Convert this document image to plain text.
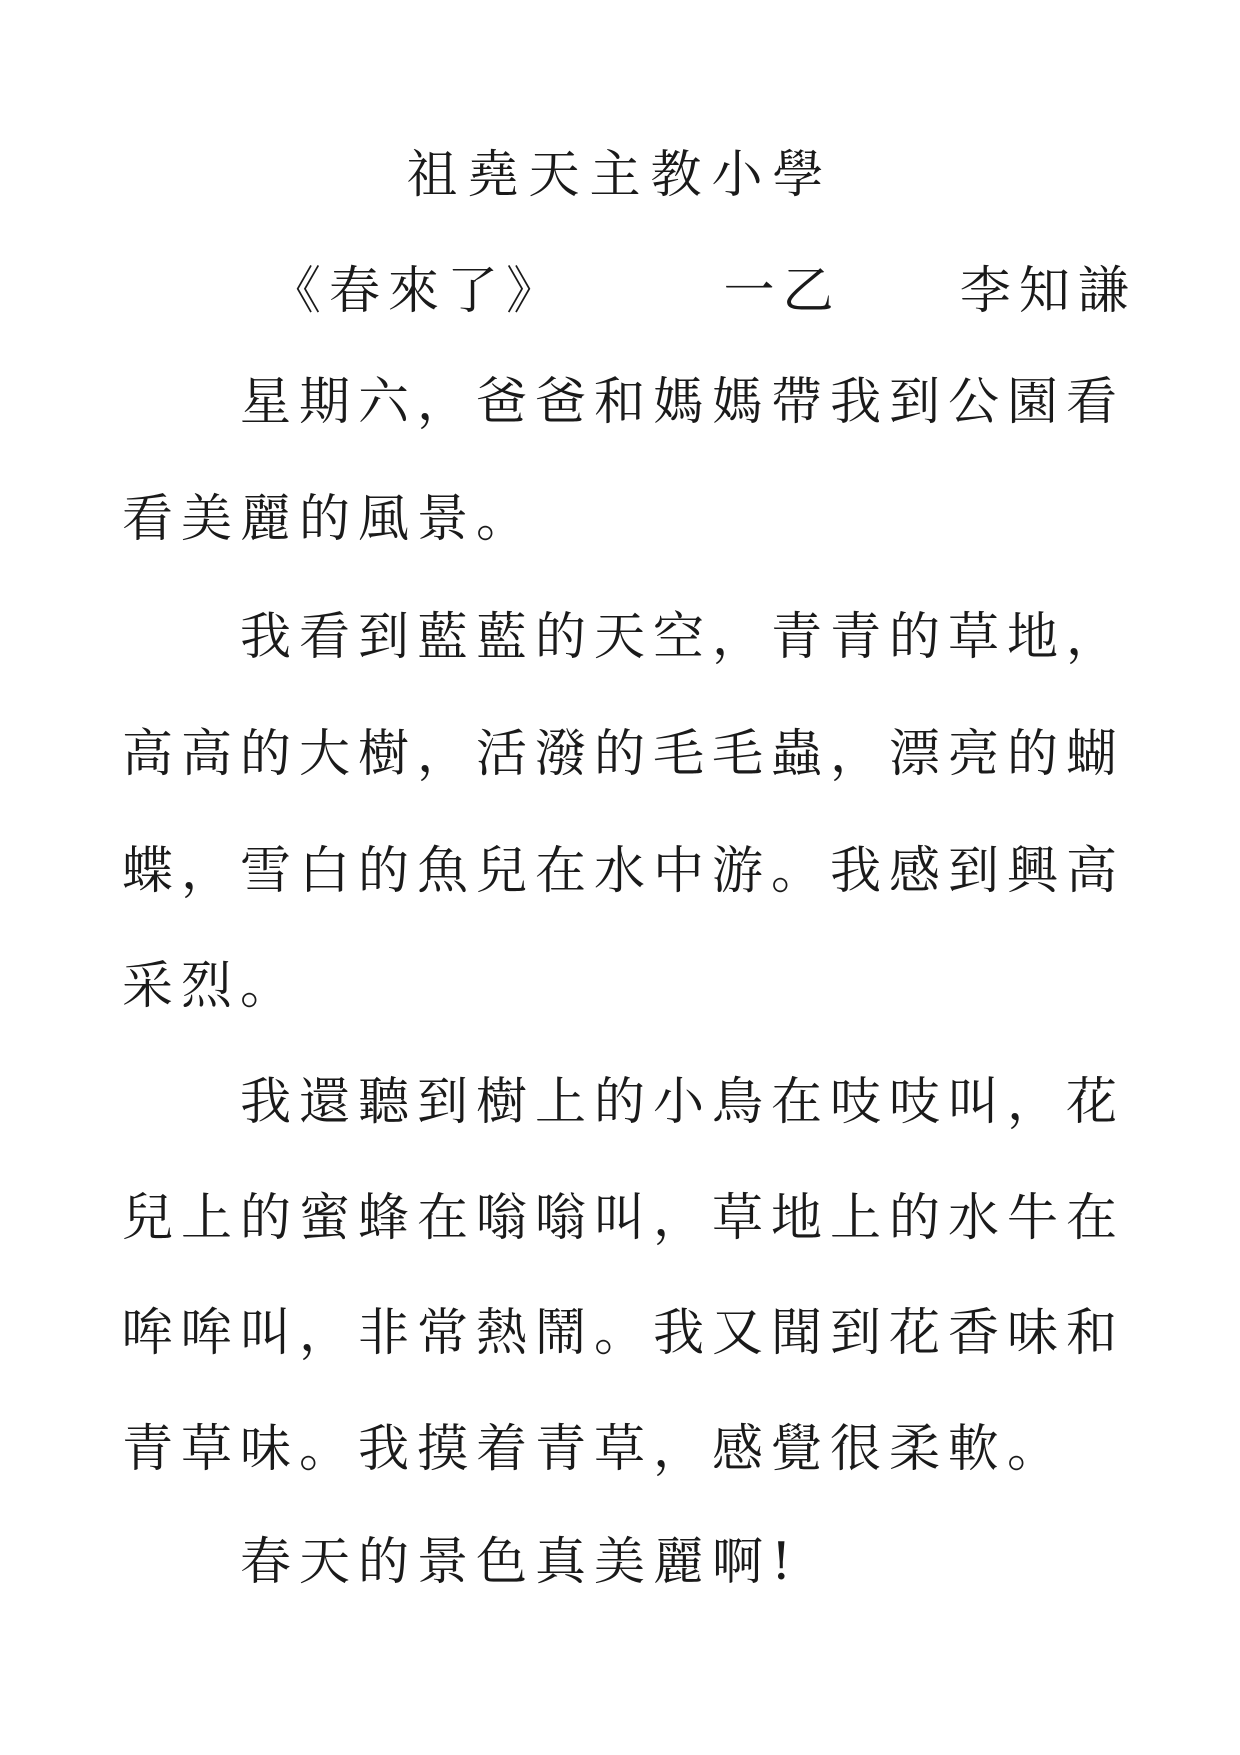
祖堯天主教小學
《春來了》	一乙 李知謙

星期六，爸爸和媽媽帶我到公園看

看美麗的風景。

我看到藍藍的天空，青青的草地，

高高的大樹，活潑的毛毛蟲，漂亮的蝴

蝶，雪白的魚兒在水中游。我感到興高

采烈。

我還聽到樹上的小鳥在吱吱叫，花

兒上的蜜蜂在嗡嗡叫，草地上的水牛在

哞哞叫，非常熱鬧。我又聞到花香味和

青草味。我摸着青草，感覺很柔軟。

春天的景色真美麗啊!
